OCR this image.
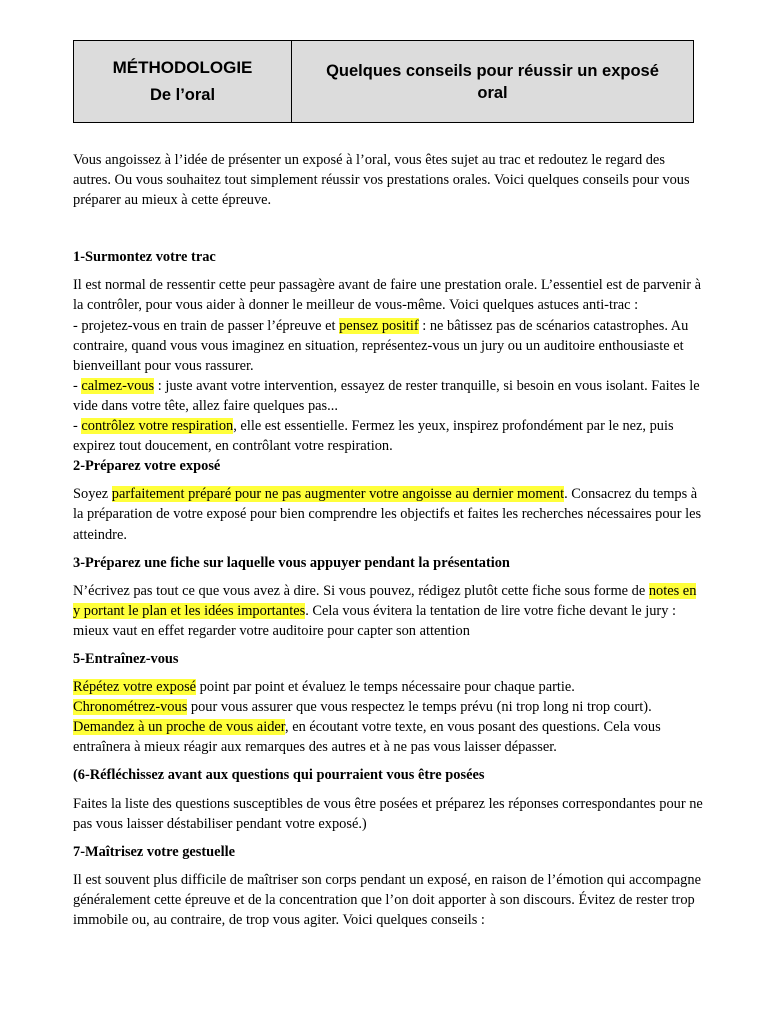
MÉTHODOLOGIE
De l’oral
Quelques conseils pour réussir un exposé oral

Vous angoissez à l’idée de présenter un exposé à l’oral, vous êtes sujet au trac et redoutez le regard des autres. Ou vous souhaitez tout simplement réussir vos prestations orales. Voici quelques conseils pour vous préparer au mieux à cette épreuve.

1-Surmontez votre trac

Il est normal de ressentir cette peur passagère avant de faire une prestation orale. L’essentiel est de parvenir à la contrôler, pour vous aider à donner le meilleur de vous-même. Voici quelques astuces anti-trac :

- projetez-vous en train de passer l’épreuve et pensez positif : ne bâtissez pas de scénarios catastrophes. Au contraire, quand vous vous imaginez en situation, représentez-vous un jury ou un auditoire enthousiaste et bienveillant pour vous rassurer.

- calmez-vous : juste avant votre intervention, essayez de rester tranquille, si besoin en vous isolant. Faites le vide dans votre tête, allez faire quelques pas...

- contrôlez votre respiration, elle est essentielle. Fermez les yeux, inspirez profondément par le nez, puis expirez tout doucement, en contrôlant votre respiration.

2-Préparez votre exposé

Soyez parfaitement préparé pour ne pas augmenter votre angoisse au dernier moment. Consacrez du temps à la préparation de votre exposé pour bien comprendre les objectifs et faites les recherches nécessaires pour les atteindre.

3-Préparez une fiche sur laquelle vous appuyer pendant la présentation

N’écrivez pas tout ce que vous avez à dire. Si vous pouvez, rédigez plutôt cette fiche sous forme de notes en y portant le plan et les idées importantes. Cela vous évitera la tentation de lire votre fiche devant le jury : mieux vaut en effet regarder votre auditoire pour capter son attention

5-Entraînez-vous

Répétez votre exposé point par point et évaluez le temps nécessaire pour chaque partie.

Chronométrez-vous pour vous assurer que vous respectez le temps prévu (ni trop long ni trop court).

Demandez à un proche de vous aider, en écoutant votre texte, en vous posant des questions. Cela vous entraînera à mieux réagir aux remarques des autres et à ne pas vous laisser dépasser.

(6-Réfléchissez avant aux questions qui pourraient vous être posées

Faites la liste des questions susceptibles de vous être posées et préparez les réponses correspondantes pour ne pas vous laisser déstabiliser pendant votre exposé.)

7-Maîtrisez votre gestuelle

Il est souvent plus difficile de maîtriser son corps pendant un exposé, en raison de l’émotion qui accompagne généralement cette épreuve et de la concentration que l’on doit apporter à son discours. Évitez de rester trop immobile ou, au contraire, de trop vous agiter. Voici quelques conseils :
